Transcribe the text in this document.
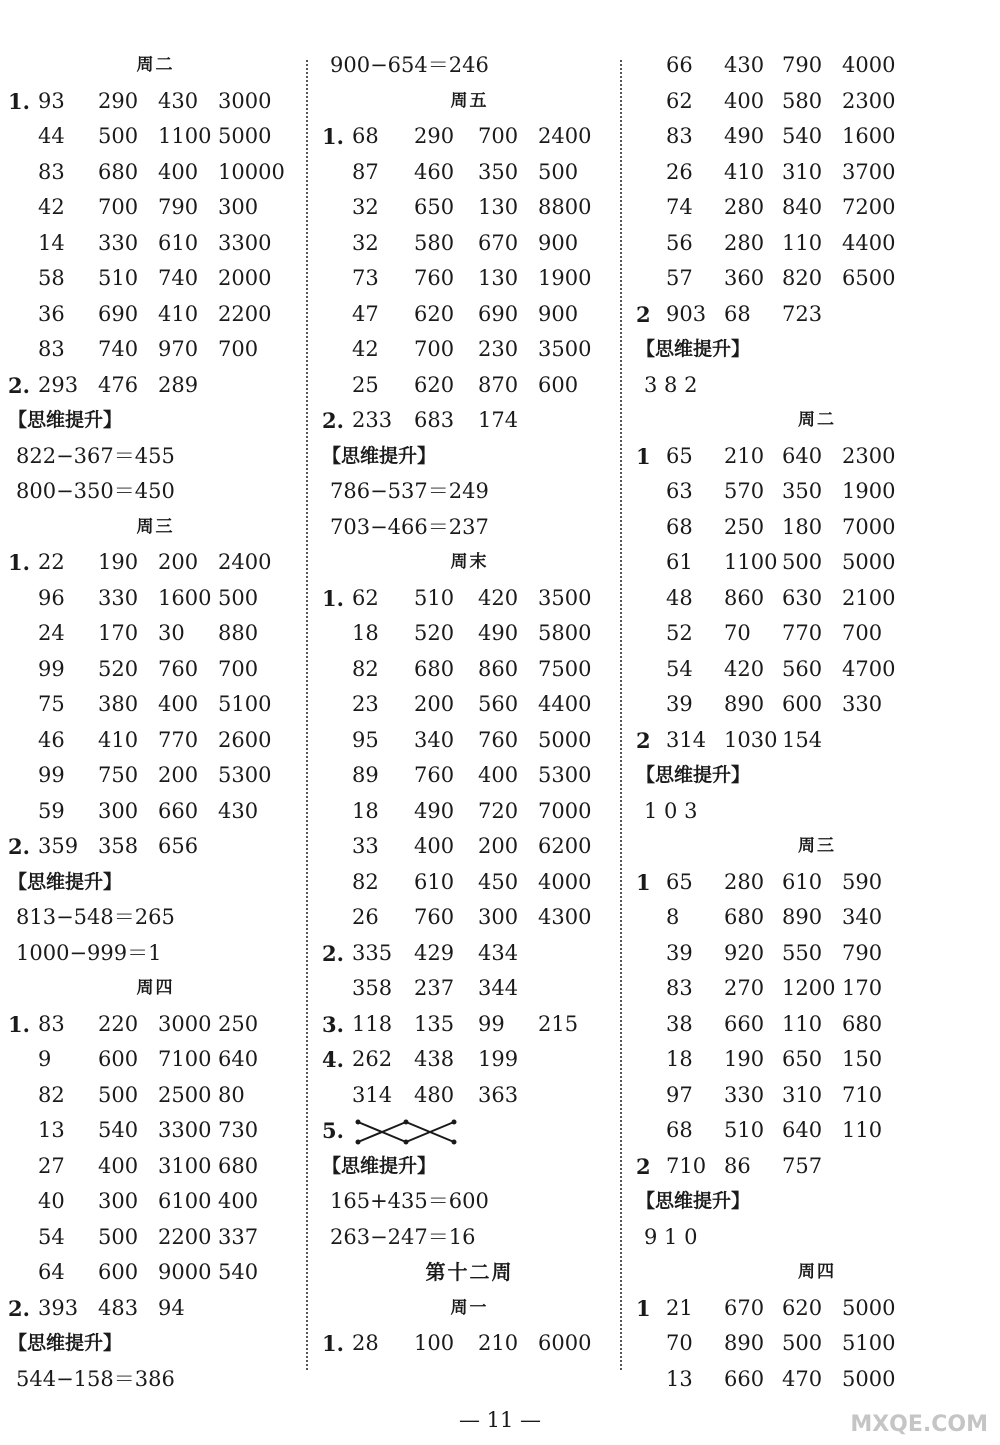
周二
1. 93 290 430 3000
44 500 1100 5000
83 680 400 10000
42 700 790 300
14 330 610 3300
58 510 740 2000
36 690 410 2200
83 740 970 700
2. 293 476 289
【思维提升】
822−367＝455
800−350＝450
周三
1. 22 190 200 2400
96 330 1600 500
24 170 30 880
99 520 760 700
75 380 400 5100
46 410 770 2600
99 750 200 5300
59 300 660 430
2. 359 358 656
【思维提升】
813−548＝265
1000−999＝1
周四
1. 83 220 3000 250
9 600 7100 640
82 500 2500 80
13 540 3300 730
27 400 3100 680
40 300 6100 400
54 500 2200 337
64 600 9000 540
2. 393 483 94
【思维提升】
544−158＝386
900−654＝246
周五
1. 68 290 700 2400
87 460 350 500
32 650 130 8800
32 580 670 900
73 760 130 1900
47 620 690 900
42 700 230 3500
25 620 870 600
2. 233 683 174
【思维提升】
786−537＝249
703−466＝237
周末
1. 62 510 420 3500
18 520 490 5800
82 680 860 7500
23 200 560 4400
95 340 760 5000
89 760 400 5300
18 490 720 7000
33 400 200 6200
82 610 450 4000
26 760 300 4300
2. 335 429 434
358 237 344
3. 118 135 99 215
4. 262 438 199
314 480 363
5.
【思维提升】
165+435＝600
263−247＝16
第十二周
周一
1. 28 100 210 6000
66 430 790 4000
62 400 580 2300
83 490 540 1600
26 410 310 3700
74 280 840 7200
56 280 110 4400
57 360 820 6500
2 903 68 723
【思维提升】
3 8 2
周二
1 65 210 640 2300
63 570 350 1900
68 250 180 7000
61 1100 500 5000
48 860 630 2100
52 70 770 700
54 420 560 4700
39 890 600 330
2 314 1030 154
【思维提升】
1 0 3
周三
1 65 280 610 590
8 680 890 340
39 920 550 790
83 270 1200 170
38 660 110 680
18 190 650 150
97 330 310 710
68 510 640 110
2 710 86 757
【思维提升】
9 1 0
周四
1 21 670 620 5000
70 890 500 5100
13 660 470 5000
— 11 —	MXQE.COM
